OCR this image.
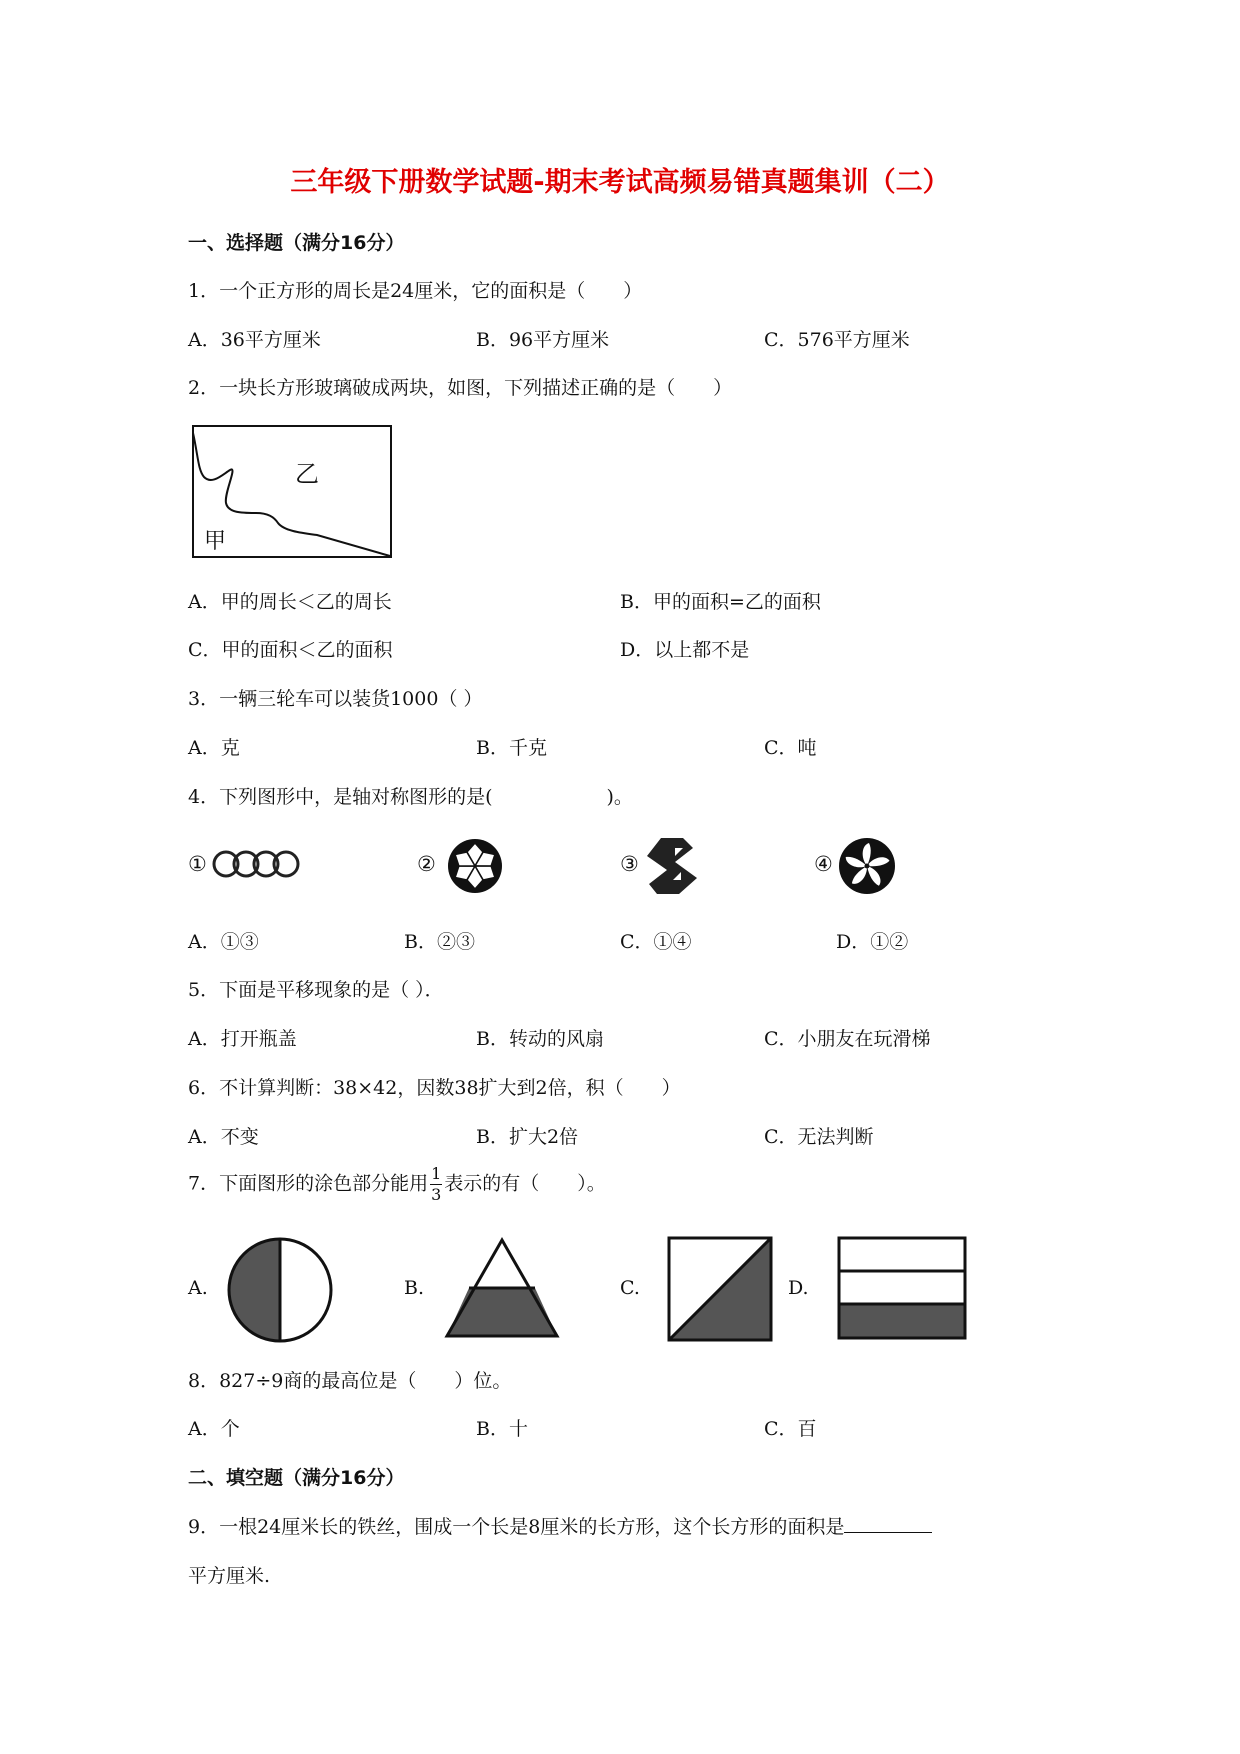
三年级下册数学试题-期末考试高频易错真题集训（二）
一、选择题（满分16分）
1．一个正方形的周长是24厘米，它的面积是（　　）
A．36平方厘米	B．96平方厘米	C．576平方厘米
2．一块长方形玻璃破成两块，如图，下列描述正确的是（　　）
乙
甲
A．甲的周长＜乙的周长	B．甲的面积=乙的面积
C．甲的面积＜乙的面积	D．以上都不是
3．一辆三轮车可以装货1000（ ）
A．克	B．千克	C．吨
4．下列图形中，是轴对称图形的是(　　　　　　)。
①	②	③	④
A．①③	B．②③	C．①④	D．①②
5．下面是平移现象的是（ ）．
A．打开瓶盖	B．转动的风扇	C．小朋友在玩滑梯
6．不计算判断：38×42，因数38扩大到2倍，积（　　）
A．不变	B．扩大2倍	C．无法判断
7．下面图形的涂色部分能用 $\frac{1}{3}$ 表示的有（　　）。
A.	B.	C.	D.
8．827÷9商的最高位是（　　）位。
A．个	B．十	C．百
二、填空题（满分16分）
9．一根24厘米长的铁丝，围成一个长是8厘米的长方形，这个长方形的面积是
平方厘米.
